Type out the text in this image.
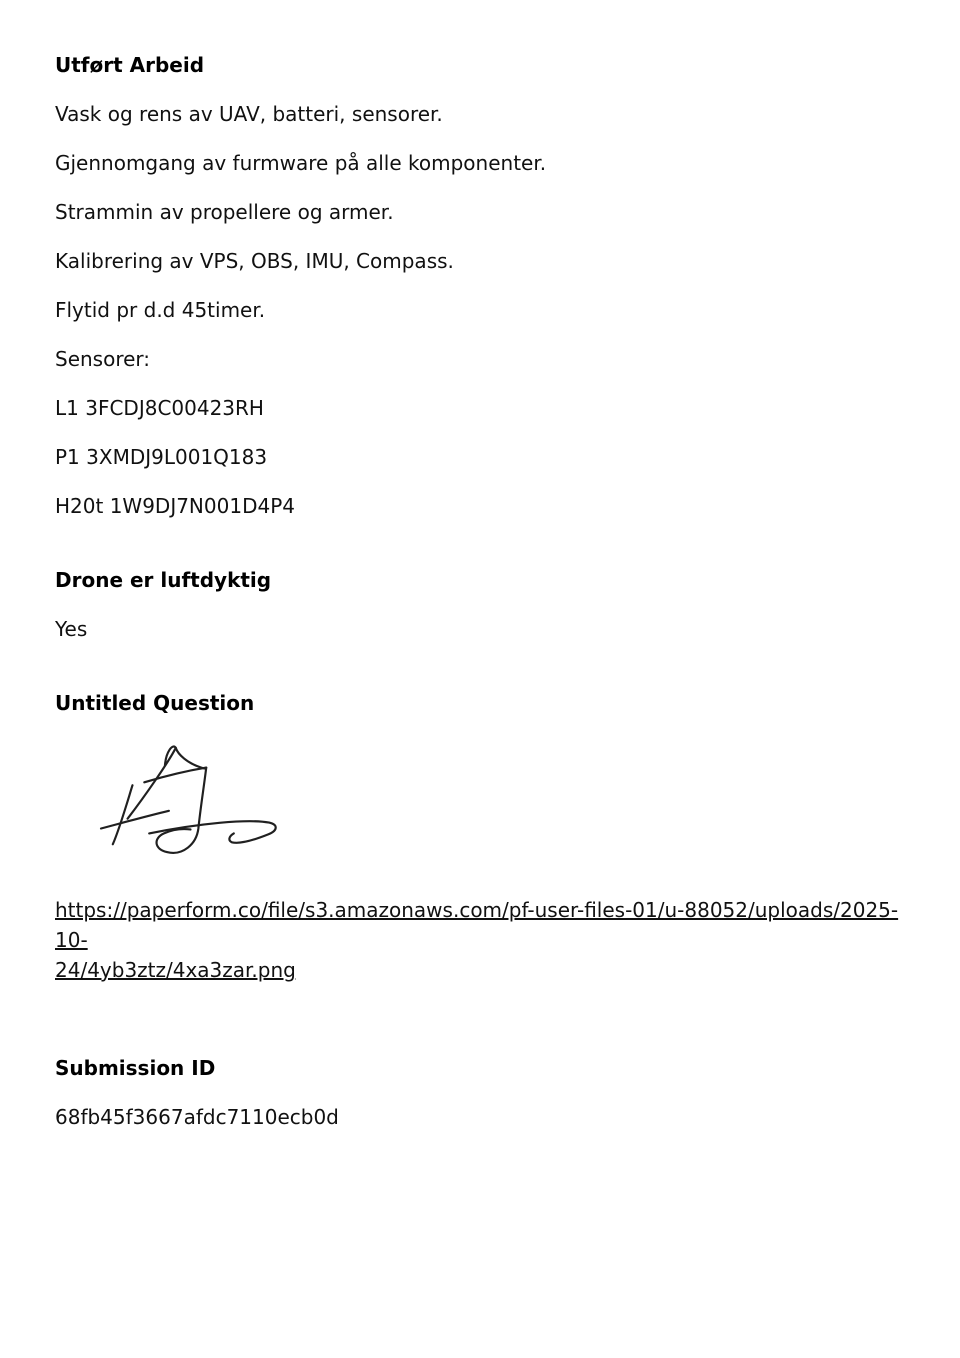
Utført Arbeid

Vask og rens av UAV, batteri, sensorer.

Gjennomgang av furmware på alle komponenter.

Strammin av propellere og armer.

Kalibrering av VPS, OBS, IMU, Compass.

Flytid pr d.d 45timer.

Sensorer:

L1 3FCDJ8C00423RH

P1 3XMDJ9L001Q183

H20t 1W9DJ7N001D4P4

Drone er luftdyktig

Yes

Untitled Question

https://paperform.co/file/s3.amazonaws.com/pf-user-files-01/u-88052/uploads/2025-10-
24/4yb3ztz/4xa3zar.png

Submission ID

68fb45f3667afdc7110ecb0d
